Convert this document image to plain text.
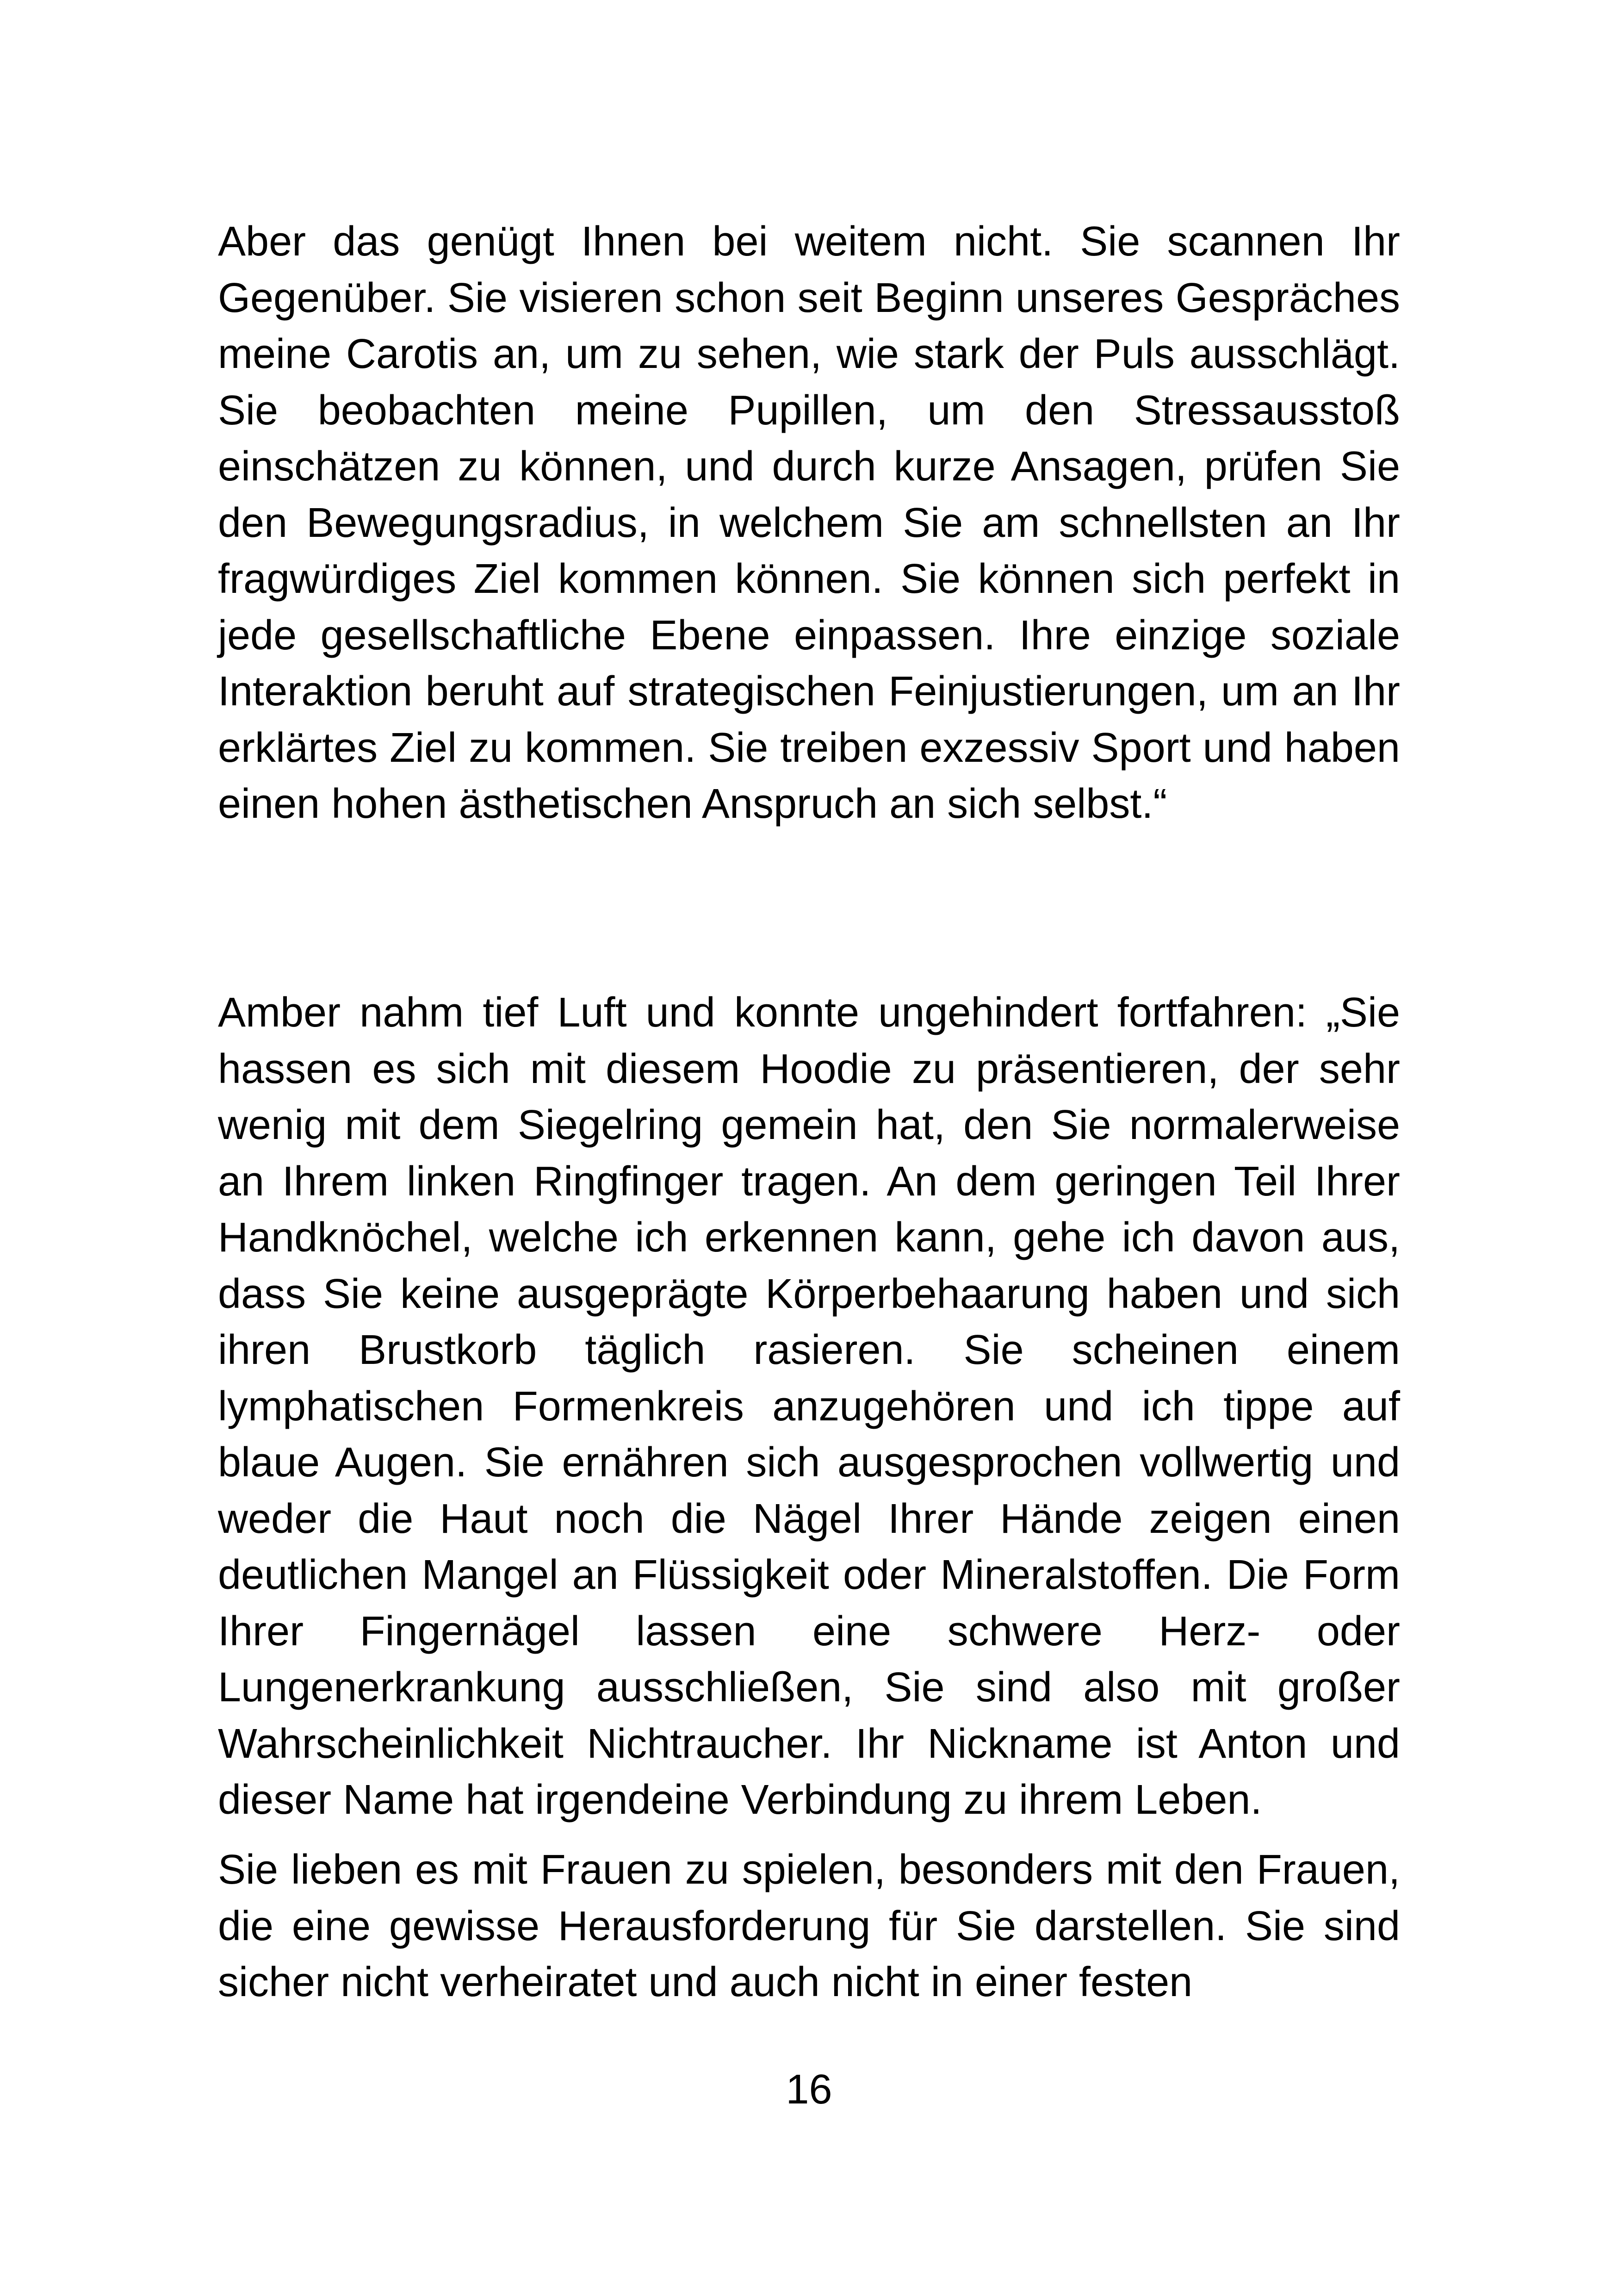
Aber das genügt Ihnen bei weitem nicht. Sie scannen Ihr Gegenüber. Sie visieren schon seit Beginn unseres Gespräches meine Carotis an, um zu sehen, wie stark der Puls ausschlägt. Sie beobachten meine Pupillen, um den Stressausstoß einschätzen zu können, und durch kurze Ansagen, prüfen Sie den Bewegungsradius, in welchem Sie am schnellsten an Ihr fragwürdiges Ziel kommen können. Sie können sich perfekt in jede gesellschaftliche Ebene einpassen. Ihre einzige soziale Interaktion beruht auf strategischen Feinjustierungen, um an Ihr erklärtes Ziel zu kommen. Sie treiben exzessiv Sport und haben einen hohen ästhetischen Anspruch an sich selbst.“

Amber nahm tief Luft und konnte ungehindert fortfahren: „Sie hassen es sich mit diesem Hoodie zu präsentieren, der sehr wenig mit dem Siegelring gemein hat, den Sie normalerweise an Ihrem linken Ringfinger tragen. An dem geringen Teil Ihrer Handknöchel, welche ich erkennen kann, gehe ich davon aus, dass Sie keine ausgeprägte Körperbehaarung haben und sich ihren Brustkorb täglich rasieren. Sie scheinen einem lymphatischen Formenkreis anzugehören und ich tippe auf blaue Augen. Sie ernähren sich ausgesprochen vollwertig und weder die Haut noch die Nägel Ihrer Hände zeigen einen deutlichen Mangel an Flüssigkeit oder Mineralstoffen. Die Form Ihrer Fingernägel lassen eine schwere Herz- oder Lungenerkrankung ausschließen, Sie sind also mit großer Wahrscheinlichkeit Nichtraucher. Ihr Nickname ist Anton und dieser Name hat irgendeine Verbindung zu ihrem Leben.

Sie lieben es mit Frauen zu spielen, besonders mit den Frauen, die eine gewisse Herausforderung für Sie darstellen. Sie sind sicher nicht verheiratet und auch nicht in einer festen

16
